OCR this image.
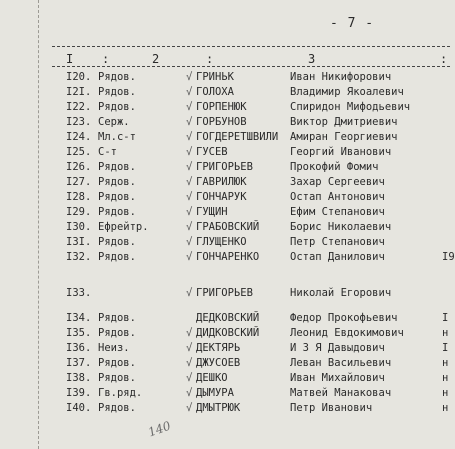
- 7 -
I :	2	:	3	:
I20. Рядов.	√ ГРИНЬК	Иван Никифорович
I2I. Рядов.	√ ГОЛОХА	Владимир Якоалевич
I22. Рядов.	√ ГОРПЕНЮК	Спиридон Мифодьевич
I23. Серж.	√ ГОРБУНОВ	Виктор Дмитриевич
I24. Мл.с-т	√ ГОГДЕРЕТШВИЛИ Амиран Георгиевич
I25. С-т	√ ГУСЕВ	Георгий Иванович
I26. Рядов.	√ ГРИГОРЬЕВ	Прокофий Фомич
I27. Рядов.	√ ГАВРИЛЮК	Захар Сергеевич
I28. Рядов.	√ ГОНЧАРУК	Остап Антонович
I29. Рядов.	√ ГУЩИН	Ефим Степанович
I30. Ефрейтр.	√ ГРАБОВСКИЙ	Борис Николаевич
I3I. Рядов.	√ ГЛУЩЕНКО	Петр Степанович
I32. Рядов.	√ ГОНЧАРЕНКО	Остап Данилович	I9
I33.	√ ГРИГОРЬЕВ	Николай Егорович
I34. Рядов.	ДЕДКОВСКИЙ	Федор Прокофьевич	I
I35. Рядов.	√ ДИДКОВСКИЙ	Леонид Евдокимович	н
I36. Неиз.	√ ДЕКТЯРЬ	И З Я Давыдович	I
I37. Рядов.	√ ДЖУСОЕВ	Леван Васильевич	н
I38. Рядов.	√ ДЕШКО	Иван Михайлович	н
I39. Гв.ряд.	√ ДЫМУРА	Матвей Манаковач	н
I40. Рядов.	√ ДМЫТРЮК	Петр Иванович	н
140
